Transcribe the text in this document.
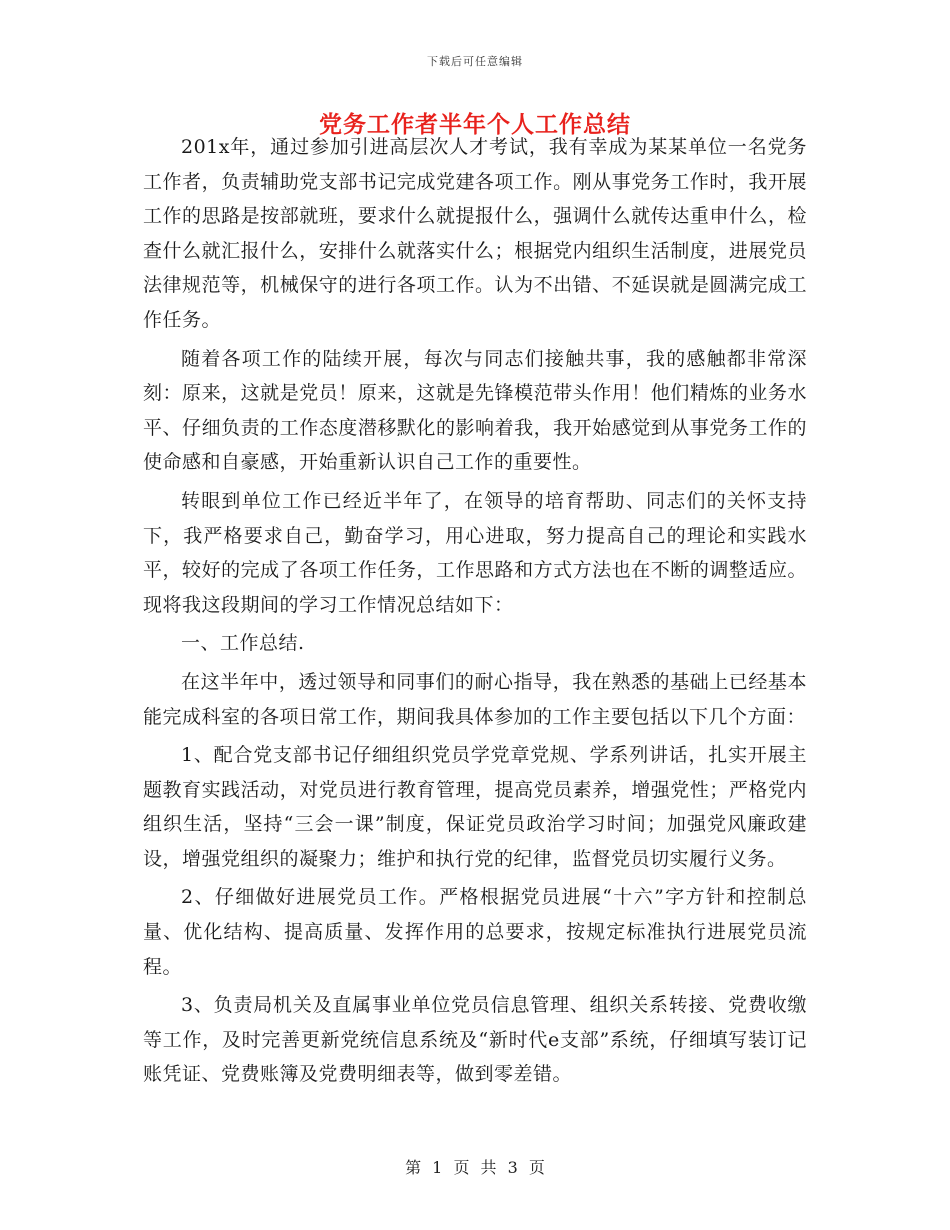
下载后可任意编辑
党务工作者半年个人工作总结

201x年，通过参加引进高层次人才考试，我有幸成为某某单位一名党务工作者，负责辅助党支部书记完成党建各项工作。刚从事党务工作时，我开展工作的思路是按部就班，要求什么就提报什么，强调什么就传达重申什么，检查什么就汇报什么，安排什么就落实什么；根据党内组织生活制度，进展党员法律规范等，机械保守的进行各项工作。认为不出错、不延误就是圆满完成工作任务。

随着各项工作的陆续开展，每次与同志们接触共事，我的感触都非常深刻：原来，这就是党员！原来，这就是先锋模范带头作用！他们精炼的业务水平、仔细负责的工作态度潜移默化的影响着我，我开始感觉到从事党务工作的使命感和自豪感，开始重新认识自己工作的重要性。

转眼到单位工作已经近半年了，在领导的培育帮助、同志们的关怀支持下，我严格要求自己，勤奋学习，用心进取，努力提高自己的理论和实践水平，较好的完成了各项工作任务，工作思路和方式方法也在不断的调整适应。现将我这段期间的学习工作情况总结如下：

一、工作总结.

在这半年中，透过领导和同事们的耐心指导，我在熟悉的基础上已经基本能完成科室的各项日常工作，期间我具体参加的工作主要包括以下几个方面：

1、配合党支部书记仔细组织党员学党章党规、学系列讲话，扎实开展主题教育实践活动，对党员进行教育管理，提高党员素养，增强党性；严格党内组织生活，坚持“三会一课”制度，保证党员政治学习时间；加强党风廉政建设，增强党组织的凝聚力；维护和执行党的纪律，监督党员切实履行义务。

2、仔细做好进展党员工作。严格根据党员进展“十六”字方针和控制总量、优化结构、提高质量、发挥作用的总要求，按规定标准执行进展党员流程。

3、负责局机关及直属事业单位党员信息管理、组织关系转接、党费收缴等工作，及时完善更新党统信息系统及“新时代e支部”系统，仔细填写装订记账凭证、党费账簿及党费明细表等，做到零差错。

第 1 页 共 3 页
